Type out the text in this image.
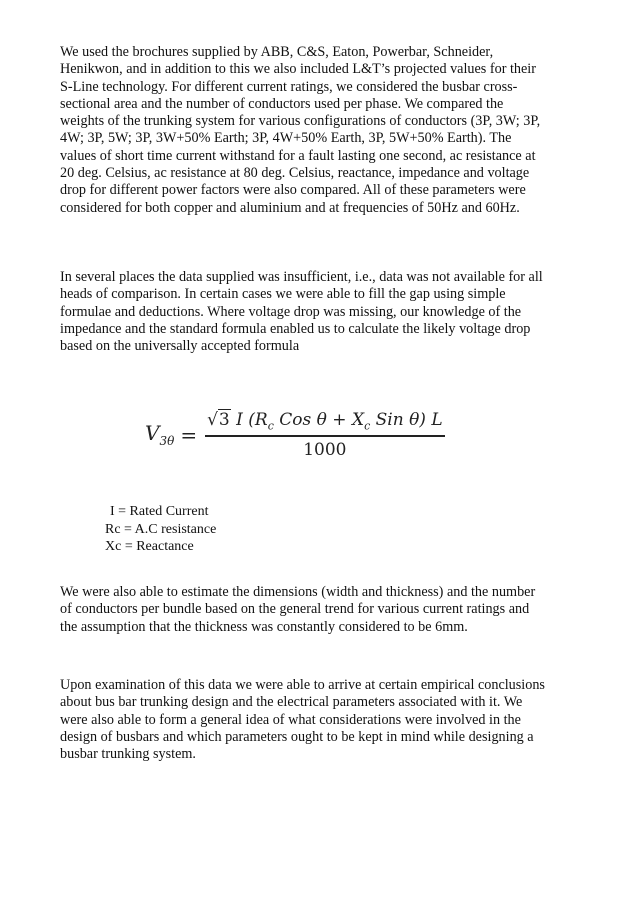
We used the brochures supplied by ABB, C&S, Eaton, Powerbar, Schneider,
Henikwon, and in addition to this we also included L&T’s projected values for their
S-Line technology. For different current ratings, we considered the busbar cross-
sectional area and the number of conductors used per phase. We compared the
weights of the trunking system for various configurations of conductors (3P, 3W; 3P,
4W; 3P, 5W; 3P, 3W+50% Earth; 3P, 4W+50% Earth, 3P, 5W+50% Earth). The
values of short time current withstand for a fault lasting one second, ac resistance at
20 deg. Celsius, ac resistance at 80 deg. Celsius, reactance, impedance and voltage
drop for different power factors were also compared. All of these parameters were
considered for both copper and aluminium and at frequencies of 50Hz and 60Hz.
In several places the data supplied was insufficient, i.e., data was not available for all
heads of comparison. In certain cases we were able to fill the gap using simple
formulae and deductions. Where voltage drop was missing, our knowledge of the
impedance and the standard formula enabled us to calculate the likely voltage drop
based on the universally accepted formula
$V_{3\theta} = \frac{√3 I (R_c Cos \theta + X_c Sin \theta) L}{1000}$
I = Rated Current
Rc = A.C resistance
Xc = Reactance
We were also able to estimate the dimensions (width and thickness) and the number
of conductors per bundle based on the general trend for various current ratings and
the assumption that the thickness was constantly considered to be 6mm.
Upon examination of this data we were able to arrive at certain empirical conclusions
about bus bar trunking design and the electrical parameters associated with it. We
were also able to form a general idea of what considerations were involved in the
design of busbars and which parameters ought to be kept in mind while designing a
busbar trunking system.
